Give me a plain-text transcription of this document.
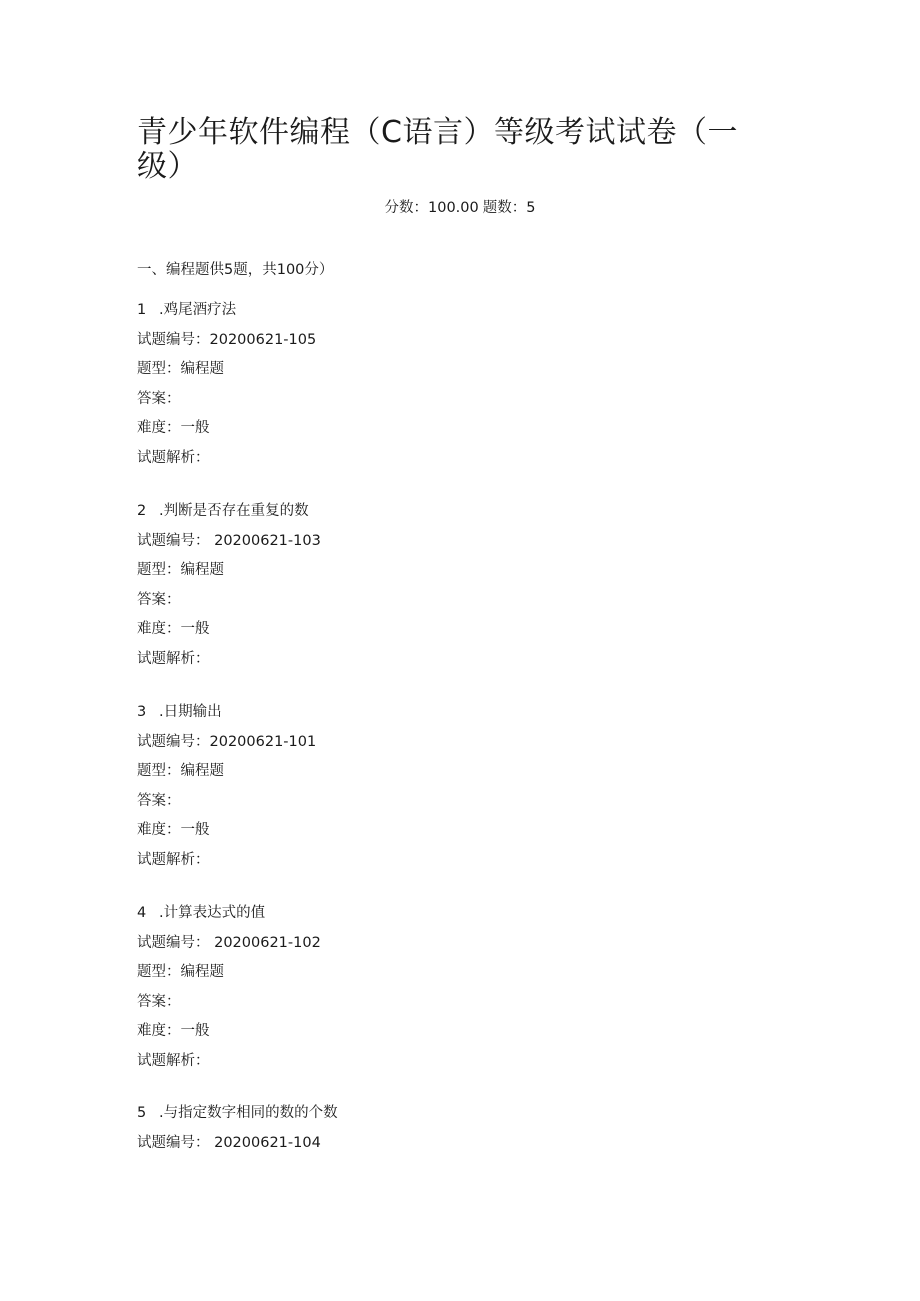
青少年软件编程（C语言）等级考试试卷（一级）
分数：100.00 题数：5
一、编程题供5题，共100分）
1 .鸡尾酒疗法
试题编号：20200621-105
题型：编程题
答案：
难度：一般
试题解析：
2 .判断是否存在重复的数
试题编号： 20200621-103
题型：编程题
答案：
难度：一般
试题解析：
3 .日期输出
试题编号：20200621-101
题型：编程题
答案：
难度：一般
试题解析：
4 .计算表达式的值
试题编号： 20200621-102
题型：编程题
答案：
难度：一般
试题解析：
5 .与指定数字相同的数的个数
试题编号： 20200621-104
